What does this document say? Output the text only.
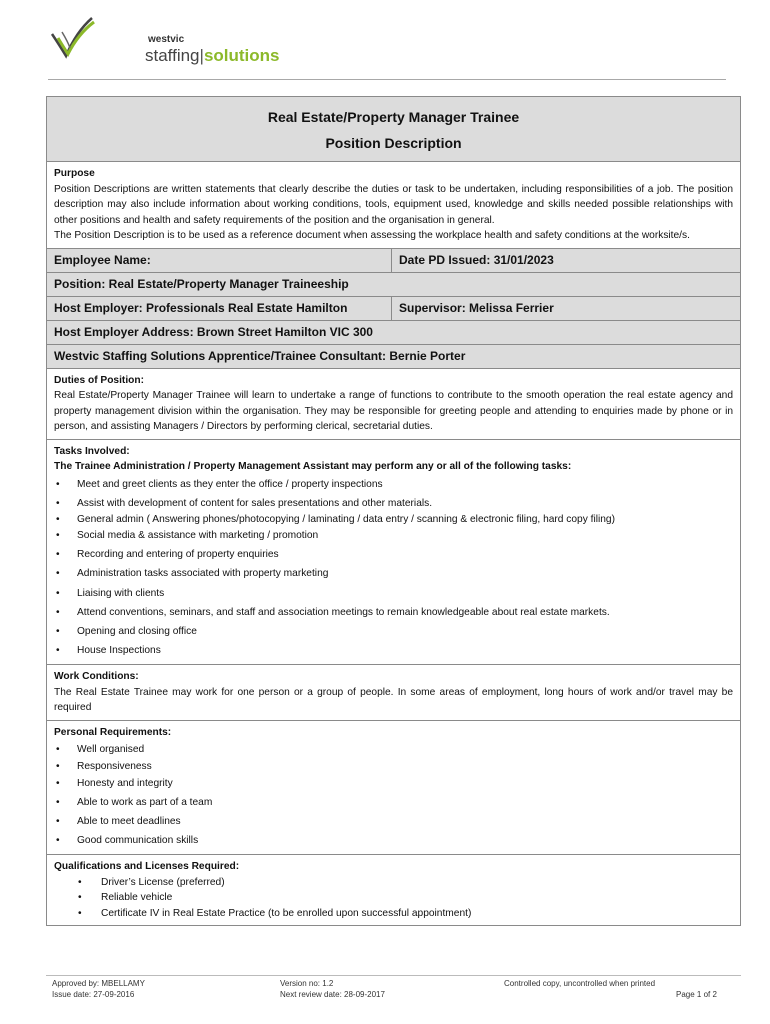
westvic
staffing|solutions
Real Estate/Property Manager Trainee
Position Description
Purpose

Position Descriptions are written statements that clearly describe the duties or task to be undertaken, including responsibilities of a job. The position description may also include information about working conditions, tools, equipment used, knowledge and skills needed possible relationships with other positions and health and safety requirements of the position and the organisation in general.

The Position Description is to be used as a reference document when assessing the workplace health and safety conditions at the worksite/s.

Employee Name:	Date PD Issued: 31/01/2023
Position: Real Estate/Property Manager Traineeship
Host Employer: Professionals Real Estate Hamilton	Supervisor: Melissa Ferrier
Host Employer Address: Brown Street Hamilton VIC 300
Westvic Staffing Solutions Apprentice/Trainee Consultant: Bernie Porter
Duties of Position:

Real Estate/Property Manager Trainee will learn to undertake a range of functions to contribute to the smooth operation the real estate agency and property management division within the organisation. They may be responsible for greeting people and attending to enquiries made by phone or in person, and assisting Managers / Directors by performing clerical, secretarial duties.

Tasks Involved:
The Trainee Administration / Property Management Assistant may perform any or all of the following tasks:
• Meet and greet clients as they enter the office / property inspections
• Assist with development of content for sales presentations and other materials.
• General admin ( Answering phones/photocopying / laminating / data entry / scanning & electronic filing, hard copy filing)
• Social media & assistance with marketing / promotion
• Recording and entering of property enquiries
• Administration tasks associated with property marketing
• Liaising with clients
• Attend conventions, seminars, and staff and association meetings to remain knowledgeable about real estate markets.
• Opening and closing office
• House Inspections
Work Conditions:

The Real Estate Trainee may work for one person or a group of people. In some areas of employment, long hours of work and/or travel may be required

Personal Requirements:
• Well organised
• Responsiveness
• Honesty and integrity
• Able to work as part of a team
• Able to meet deadlines
• Good communication skills
Qualifications and Licenses Required:
• Driver’s License (preferred)
• Reliable vehicle
• Certificate IV in Real Estate Practice (to be enrolled upon successful appointment)
Approved by: MBELLAMY
Issue date: 27-09-2016
Version no: 1.2
Next review date: 28-09-2017
Controlled copy, uncontrolled when printed
Page 1 of 2
